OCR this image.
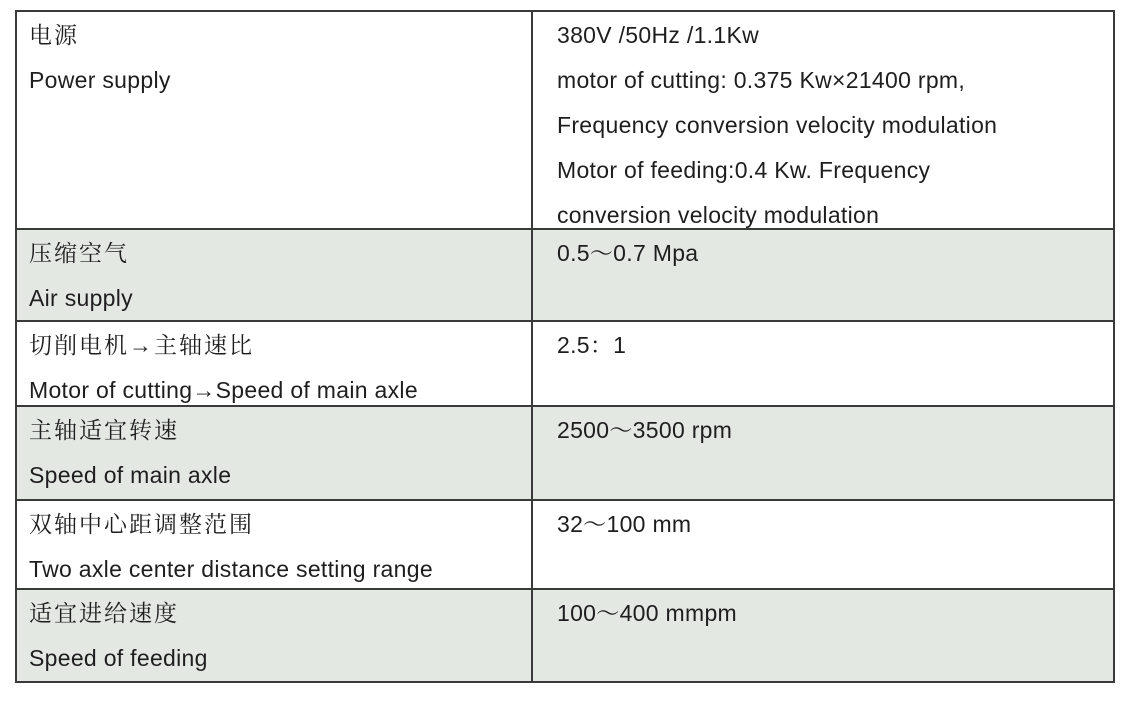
电源
Power supply
380V /50Hz /1.1Kw
motor of cutting: 0.375 Kw×21400 rpm,
Frequency conversion velocity modulation
Motor of feeding:0.4 Kw. Frequency
conversion velocity modulation
压缩空气
Air supply
0.5～0.7 Mpa
切削电机→主轴速比
Motor of cutting→Speed of main axle
2.5：1
主轴适宜转速
Speed of main axle
2500～3500 rpm
双轴中心距调整范围
Two axle center distance setting range
32～100 mm
适宜进给速度
Speed of feeding
100～400 mmpm
